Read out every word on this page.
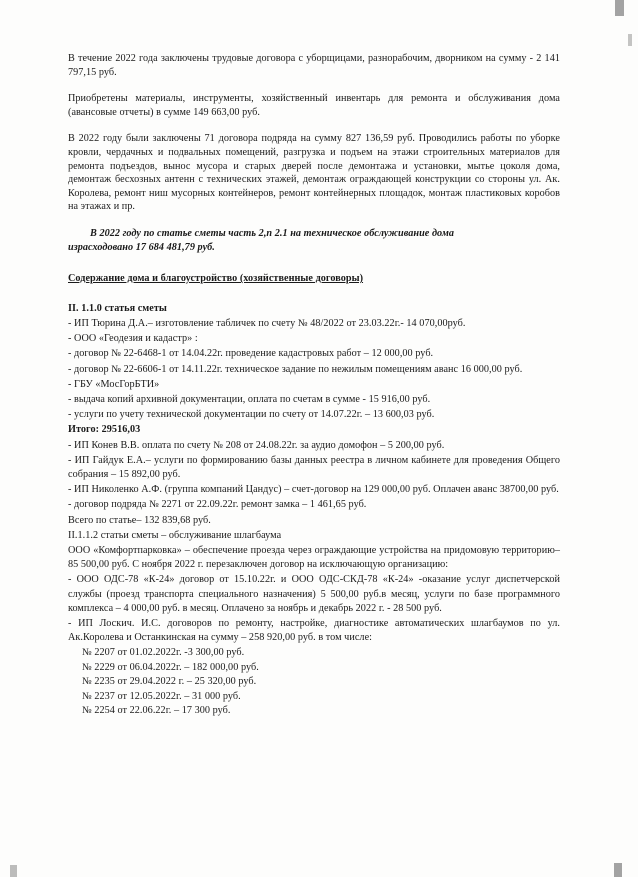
В течение 2022 года заключены трудовые договора с уборщицами, разнорабочим, дворником на сумму - 2 141 797,15 руб.

Приобретены материалы, инструменты, хозяйственный инвентарь для ремонта и обслуживания дома (авансовые отчеты) в сумме 149 663,00 руб.

В 2022 году были заключены 71 договора подряда на сумму 827 136,59 руб. Проводились работы по уборке кровли, чердачных и подвальных помещений, разгрузка и подъем на этажи строительных материалов для ремонта подъездов, вынос мусора и старых дверей после демонтажа и установки, мытье цоколя дома, демонтаж бесхозных антенн с технических этажей, демонтаж ограждающей конструкции со стороны ул. Ак. Королева, ремонт ниш мусорных контейнеров, ремонт контейнерных площадок, монтаж пластиковых коробов на этажах и пр.

В 2022 году по статье сметы часть 2,п 2.1 на техническое обслуживание дома

израсходовано 17 684 481,79 руб.

Содержание дома и благоустройство (хозяйственные договоры)

II. 1.1.0 статья сметы

- ИП Тюрина Д.А.– изготовление табличек по счету № 48/2022 от 23.03.22г.- 14 070,00руб.

- ООО «Геодезия и кадастр» :

- договор № 22-6468-1 от 14.04.22г. проведение кадастровых работ – 12 000,00 руб.

- договор № 22-6606-1 от 14.11.22г. техническое задание по нежилым помещениям аванс 16 000,00 руб.

- ГБУ «МосГорБТИ»

- выдача копий архивной документации, оплата по счетам в сумме - 15 916,00 руб.

- услуги по учету технической документации по счету от 14.07.22г. – 13 600,03 руб.

Итого: 29516,03

- ИП Конев В.В. оплата по счету № 208 от 24.08.22г. за аудио домофон – 5 200,00 руб.

- ИП Гайдук Е.А.– услуги по формированию базы данных реестра в личном кабинете для проведения Общего собрания – 15 892,00 руб.

- ИП Николенко А.Ф. (группа компаний Цандус) – счет-договор на 129 000,00 руб. Оплачен аванс 38700,00 руб.

- договор подряда № 2271 от 22.09.22г. ремонт замка – 1 461,65 руб.

Всего по статье– 132 839,68 руб.

II.1.1.2 статьи сметы – обслуживание шлагбаума

ООО «Комфортпарковка» – обеспечение проезда через ограждающие устройства на придомовую территорию– 85 500,00 руб. С ноября 2022 г. перезаключен договор на исключающую организацию:

- ООО ОДС-78 «К-24» договор от 15.10.22г. и ООО ОДС-СКД-78 «К-24» -оказание услуг диспетчерской службы (проезд транспорта специального назначения) 5 500,00 руб.в месяц, услуги по базе программного комплекса – 4 000,00 руб. в месяц. Оплачено за ноябрь и декабрь 2022 г. - 28 500 руб.

- ИП Лоскич. И.С. договоров по ремонту, настройке, диагностике автоматических шлагбаумов по ул. Ак.Королева и Останкинская на сумму – 258 920,00 руб. в том числе:

№ 2207 от 01.02.2022г. -3 300,00 руб.

№ 2229 от 06.04.2022г. – 182 000,00 руб.

№ 2235 от 29.04.2022 г. – 25 320,00 руб.

№ 2237 от 12.05.2022г. – 31 000 руб.

№ 2254 от 22.06.22г. – 17 300 руб.
